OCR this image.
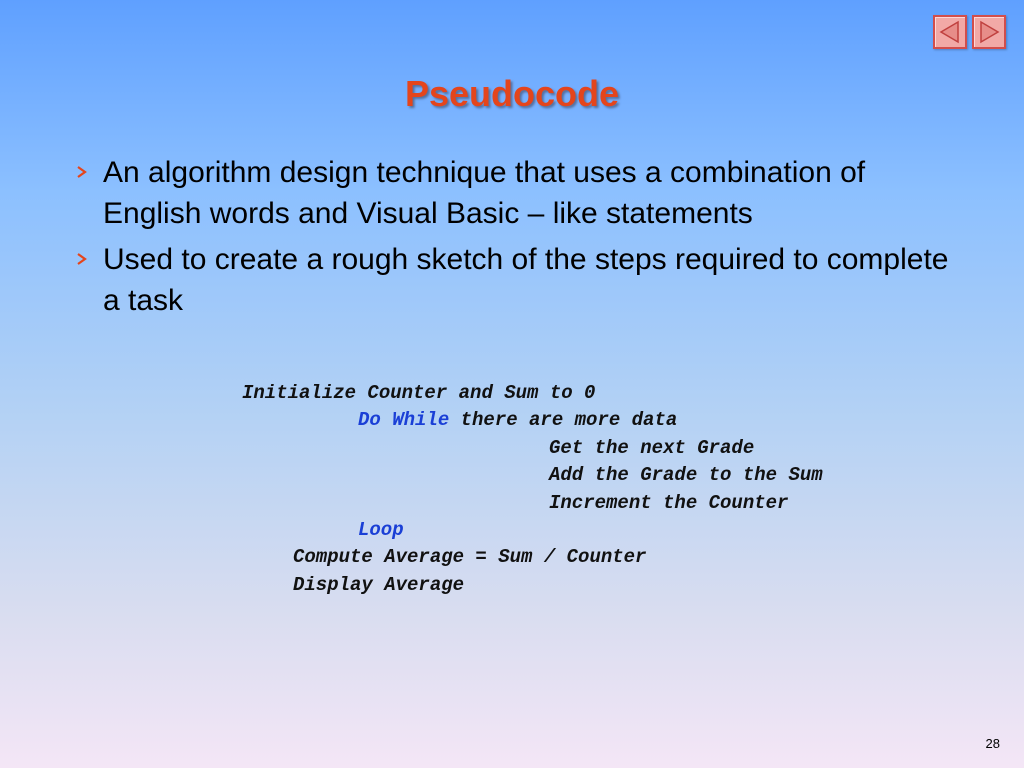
Pseudocode
An algorithm design technique that uses a combination of English words and Visual Basic – like statements
Used to create a rough sketch of the steps required to complete a task
Initialize Counter and Sum to 0
Do While there are more data
Get the next Grade
Add the Grade to the Sum
Increment the Counter
Loop
Compute Average = Sum / Counter
Display Average
28
